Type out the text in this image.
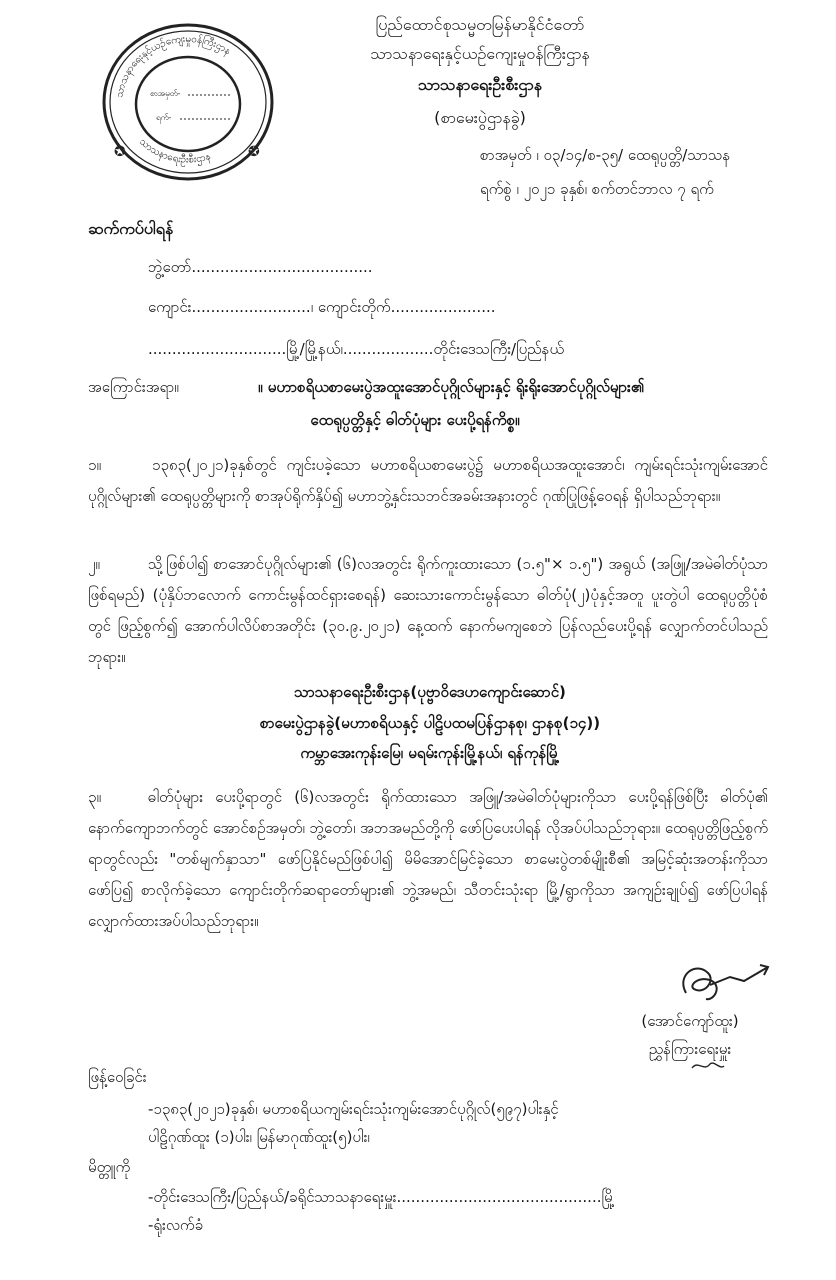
သာသနာရေးနှင့်ယဉ်ကျေးမှုဝန်ကြီးဌာန
သာသနာရေးဦးစီးဌာန
✪	✪
စာအမှတ်-
ရက်-
ပြည်ထောင်စုသမ္မတမြန်မာနိုင်ငံတော်
သာသနာရေးနှင့်ယဉ်ကျေးမှုဝန်ကြီးဌာန
သာသနာရေးဦးစီးဌာန
(စာမေးပွဲဌာနခွဲ)
စာအမှတ် ၊ ၀၃/၁၄/စ-၃၅/ ထေရုပ္ပတ္တိ/သာသန
ရက်စွဲ ၊ ၂၀၂၁ ခုနှစ်၊ စက်တင်ဘာလ ၇ ရက်
ဆက်ကပ်ပါရန်
ဘွဲ့တော်......................................
ကျောင်း.........................၊ ကျောင်းတိုက်......................
.............................မြို့/မြို့နယ်၊...................တိုင်းဒေသကြီး/ပြည်နယ်
အကြောင်းအရာ။	။ မဟာစရိယစာမေးပွဲအထူးအောင်ပုဂ္ဂိုလ်များနှင့် ရိုးရိုးအောင်ပုဂ္ဂိုလ်များ၏
ထေရုပ္ပတ္တိနှင့် ဓါတ်ပုံများ ပေးပို့ရန်ကိစ္စ။
၁။	၁၃၈၃(၂၀၂၁)ခုနှစ်တွင် ကျင်းပခဲ့သော မဟာစရိယစာမေးပွဲ၌ မဟာစရိယအထူးအောင်၊ ကျမ်းရင်းသုံးကျမ်းအောင်ပုဂ္ဂိုလ်များ၏ ထေရုပ္ပတ္တိများကို စာအုပ်ရိုက်နှိပ်၍ မဟာဘွဲ့နှင်းသဘင်အခမ်းအနားတွင် ဂုဏ်ပြုဖြန့်ဝေရန် ရှိပါသည်ဘုရား။
၂။	သို့ဖြစ်ပါ၍ စာအောင်ပုဂ္ဂိုလ်များ၏ (၆)လအတွင်း ရိုက်ကူးထားသော (၁.၅"× ၁.၅") အရွယ် (အဖြူ/အမဲဓါတ်ပုံသာဖြစ်ရမည်) (ပုံနှိပ်ဘလောက် ကောင်းမွန်ထင်ရှားစေရန်) ဆေးသားကောင်းမွန်သော ဓါတ်ပုံ(၂)ပုံနှင့်အတူ ပူးတွဲပါ ထေရုပ္ပတ္တိပုံစံတွင် ဖြည့်စွက်၍ အောက်ပါလိပ်စာအတိုင်း (၃၀.၉.၂၀၂၁) နေ့ထက် နောက်မကျစေဘဲ ပြန်လည်ပေးပို့ရန် လျှောက်တင်ပါသည်ဘုရား။
သာသနာရေးဦးစီးဌာန(ပုဗ္ဗာဝိဒေဟကျောင်းဆောင်)
စာမေးပွဲဌာနခွဲ(မဟာစရိယနှင့် ပါဠိပထမပြန်ဌာနစု၊ ဌာနစု(၁၄))
ကမ္ဘာအေးကုန်းမြေ၊ မရမ်းကုန်းမြို့နယ်၊ ရန်ကုန်မြို့
၃။	ဓါတ်ပုံများ ပေးပို့ရာတွင် (၆)လအတွင်း ရိုက်ထားသော အဖြူ/အမဲဓါတ်ပုံများကိုသာ ပေးပို့ရန်ဖြစ်ပြီး ဓါတ်ပုံ၏ နောက်ကျောဘက်တွင် အောင်စဉ်အမှတ်၊ ဘွဲ့တော်၊ အဘအမည်တို့ကို ဖော်ပြပေးပါရန် လိုအပ်ပါသည်ဘုရား။ ထေရုပ္ပတ္တိဖြည့်စွက်ရာတွင်လည်း "တစ်မျက်နှာသာ" ဖော်ပြနိုင်မည်ဖြစ်ပါ၍ မိမိအောင်မြင်ခဲ့သော စာမေးပွဲတစ်မျိုးစီ၏ အမြင့်ဆုံးအတန်းကိုသာ ဖော်ပြ၍ စာလိုက်ခဲ့သော ကျောင်းတိုက်ဆရာတော်များ၏ ဘွဲ့အမည်၊ သီတင်းသုံးရာ မြို့/ရွာကိုသာ အကျဉ်းချုပ်၍ ဖော်ပြပါရန် လျှောက်ထားအပ်ပါသည်ဘုရား။
(အောင်ကျော်ထူး)
ညွှန်ကြားရေးမှူး
ဖြန့်ဝေခြင်း
-၁၃၈၃(၂၀၂၁)ခုနှစ်၊ မဟာစရိယကျမ်းရင်းသုံးကျမ်းအောင်ပုဂ္ဂိုလ်(၅၉၇)ပါးနှင့်
ပါဠိဂုဏ်ထူး (၁)ပါး၊ မြန်မာဂုဏ်ထူး(၅)ပါး၊
မိတ္တူကို
-တိုင်းဒေသကြီး/ပြည်နယ်/ခရိုင်သာသနာရေးမှူး...........................................မြို့
-ရုံးလက်ခံ
